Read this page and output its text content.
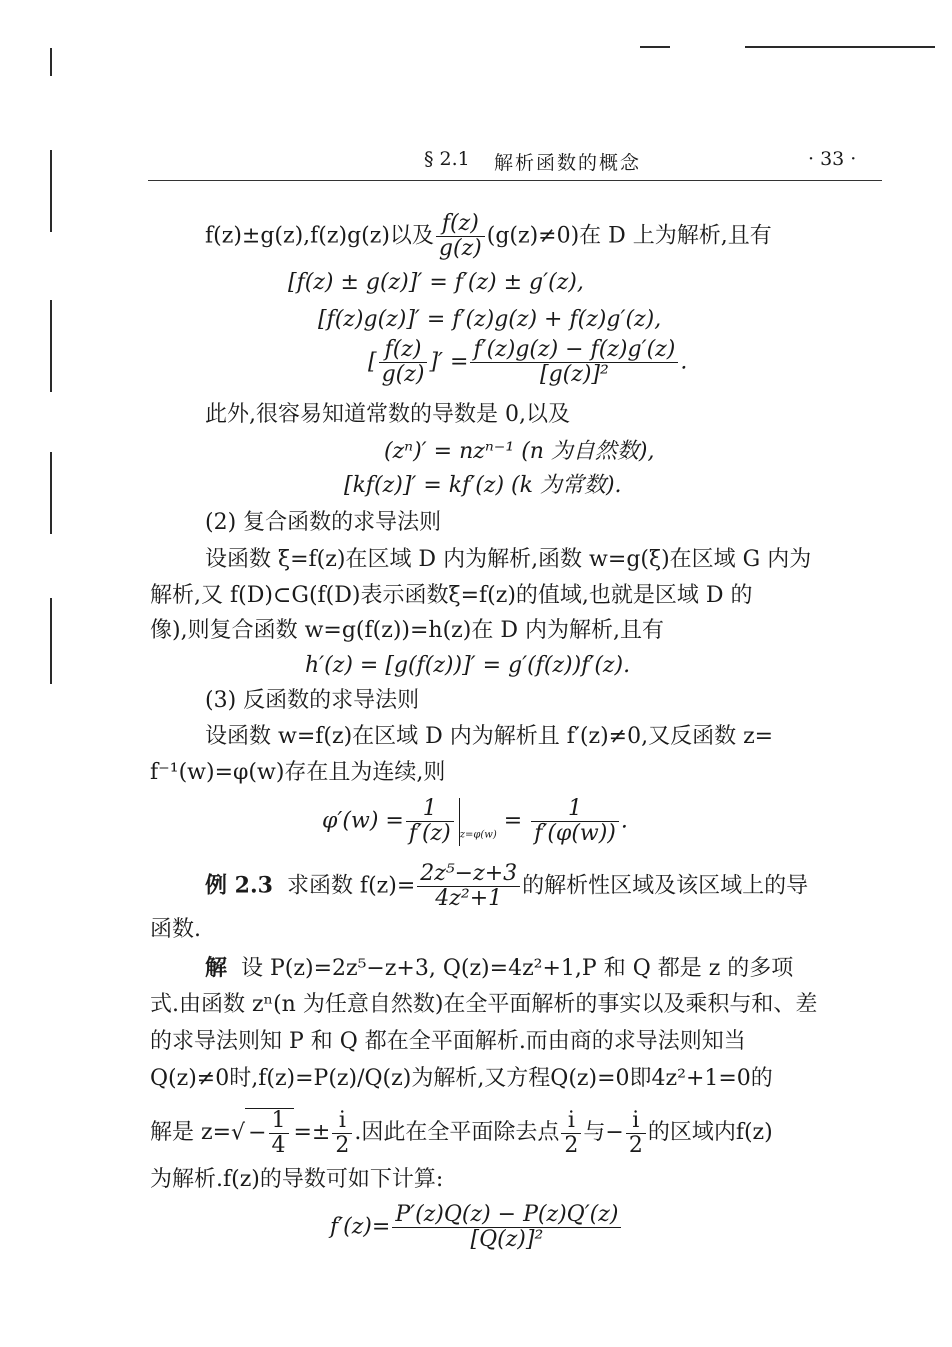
§ 2.1 解析函数的概念	· 33 ·
f(z)±g(z),f(z)g(z)以及 $\frac{f(z)}{g(z)} (g(z)\ne 0)$在 D 上为解析,且有
[f(z) ± g(z)]′ = f′(z) ± g′(z),
[f(z)g(z)]′ = f′(z)g(z) + f(z)g′(z),
[ $\frac{f(z)}{g(z)}$ ]′ = $\frac{f'(z)g(z) - f(z)g'(z)}{\text{[g(z)]²}}$ .
此外,很容易知道常数的导数是 0,以及
(zⁿ)′ = nzⁿ⁻¹ (n 为自然数),
[kf(z)]′ = kf′(z) (k 为常数).
(2) 复合函数的求导法则
设函数 ξ=f(z)在区域 D 内为解析,函数 w=g(ξ)在区域 G 内为
解析,又 f(D)⊂G(f(D)表示函数ξ=f(z)的值域,也就是区域 D 的
像),则复合函数 w=g(f(z))=h(z)在 D 内为解析,且有
h′(z) = [g(f(z))]′ = g′(f(z))f′(z).
(3) 反函数的求导法则
设函数 w=f(z)在区域 D 内为解析且 f′(z)≠0,又反函数 z=
f⁻¹(w)=φ(w)存在且为连续,则
$\varphi'(w) = \frac{1}{f'(z)} _{z=\varphi(w)} = \frac{1}{f'(\varphi(w))}$ .
例 2.3 求函数 $f(z)= \frac{\text{2z⁵−z+3}}{\text{4z²+1}}$ 的解析性区域及该区域上的导
函数.
解 设 P(z)=2z⁵−z+3, Q(z)=4z²+1,P 和 Q 都是 z 的多项
式.由函数 zⁿ(n 为任意自然数)在全平面解析的事实以及乘积与和、差
的求导法则知 P 和 Q 都在全平面解析.而由商的求导法则知当
Q(z)≠0时,f(z)=P(z)/Q(z)为解析,又方程Q(z)=0即4z²+1=0的
解是 $z=√ - \frac{1}{4} =\pm \frac{i}{2}$ .因此在全平面除去点 $\frac{i}{2}$ 与− $\frac{i}{2}$ 的区域内f(z)
为解析.f(z)的导数可如下计算:
$f'(z)= \frac{P'(z)Q(z) - P(z)Q'(z)}{\text{[Q(z)]²}}$
